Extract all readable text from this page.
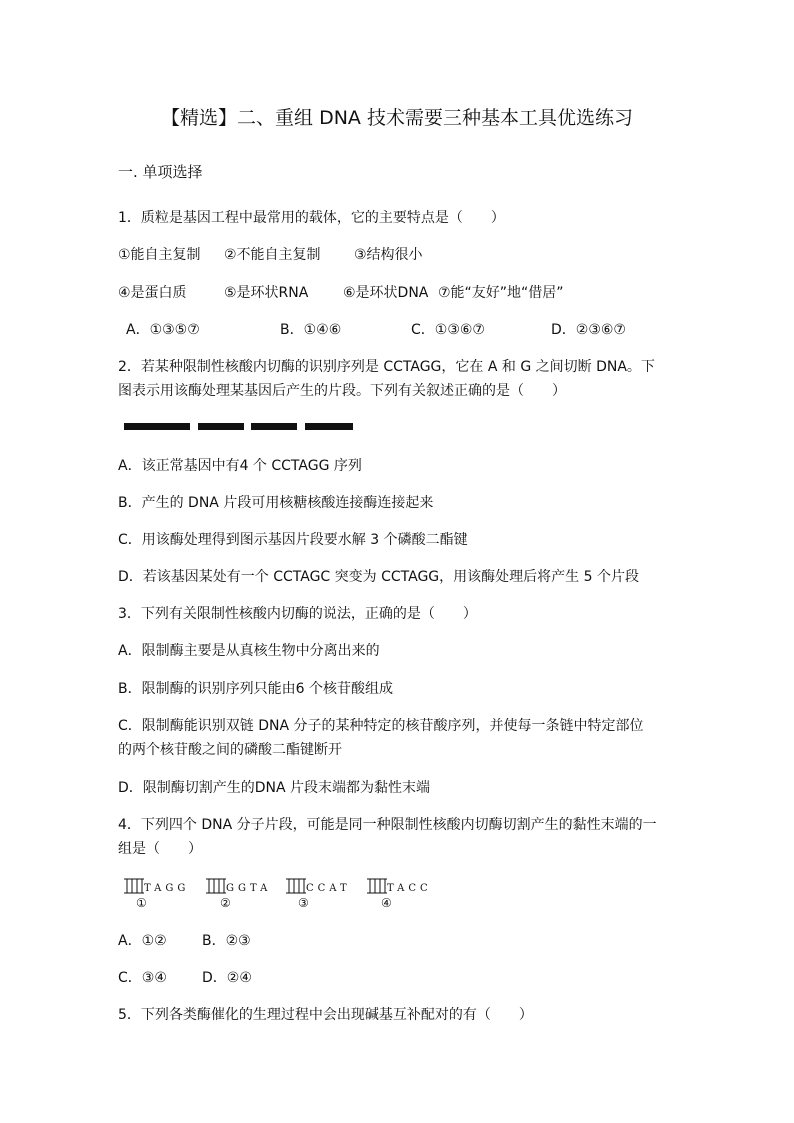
【精选】二、重组 DNA 技术需要三种基本工具优选练习
一. 单项选择
1．质粒是基因工程中最常用的载体，它的主要特点是（　　）
①能自主复制 ②不能自主复制 ③结构很小
④是蛋白质	⑤是环状RNA ⑥是环状DNA ⑦能“友好”地“借居”
A．①③⑤⑦	B．①④⑥	C．①③⑥⑦	D．②③⑥⑦
2．若某种限制性核酸内切酶的识别序列是 CCTAGG，它在 A 和 G 之间切断 DNA。下
图表示用该酶处理某基因后产生的片段。下列有关叙述正确的是（　　）
A．该正常基因中有4 个 CCTAGG 序列
B．产生的 DNA 片段可用核糖核酸连接酶连接起来
C．用该酶处理得到图示基因片段要水解 3 个磷酸二酯键
D．若该基因某处有一个 CCTAGC 突变为 CCTAGG，用该酶处理后将产生 5 个片段
3．下列有关限制性核酸内切酶的说法，正确的是（　　）
A．限制酶主要是从真核生物中分离出来的
B．限制酶的识别序列只能由6 个核苷酸组成
C．限制酶能识别双链 DNA 分子的某种特定的核苷酸序列，并使每一条链中特定部位
的两个核苷酸之间的磷酸二酯键断开
D．限制酶切割产生的DNA 片段末端都为黏性末端
4．下列四个 DNA 分子片段，可能是同一种限制性核酸内切酶切割产生的黏性末端的一
组是（　　）
TAGG
①
GGTA
②
CCAT
③
TACC
④
A．①②	B．②③
C．③④	D．②④
5．下列各类酶催化的生理过程中会出现碱基互补配对的有（　　）
